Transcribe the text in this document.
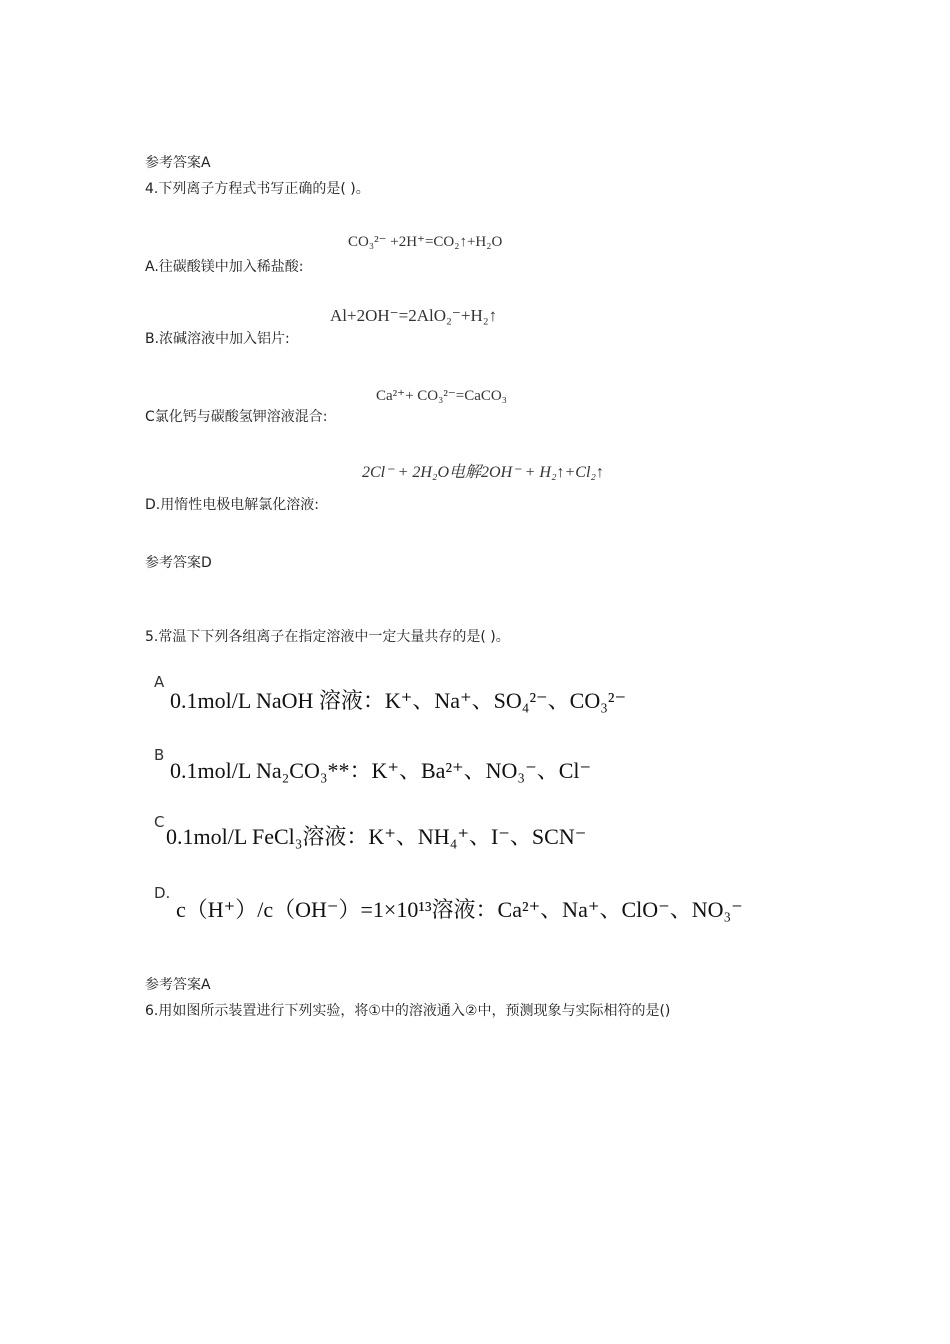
参考答案A
4.下列离子方程式书写正确的是( )。
CO₃²⁻ +2H⁺=CO₂↑+H₂O
A.往碳酸镁中加入稀盐酸:
Al+2OH⁻=2AlO₂⁻+H₂↑
B.浓碱溶液中加入铝片:
Ca²⁺+ CO₃²⁻=CaCO₃
C氯化钙与碳酸氢钾溶液混合:
2Cl⁻ + 2H₂O电解2OH⁻ + H₂↑+Cl₂↑
D.用惰性电极电解氯化溶液:
参考答案D
5.常温下下列各组离子在指定溶液中一定大量共存的是( )。
A
0.1mol/L NaOH 溶液：K⁺、Na⁺、SO₄²⁻、CO₃²⁻
B
0.1mol/L Na₂CO₃**：K⁺、Ba²⁺、NO₃⁻、Cl⁻
C
0.1mol/L FeCl₃溶液：K⁺、NH₄⁺、I⁻、SCN⁻
D.
c（H⁺）/c（OH⁻）=1×10¹³溶液：Ca²⁺、Na⁺、ClO⁻、NO₃⁻
参考答案A
6.用如图所示装置进行下列实验，将①中的溶液通入②中，预测现象与实际相符的是()
